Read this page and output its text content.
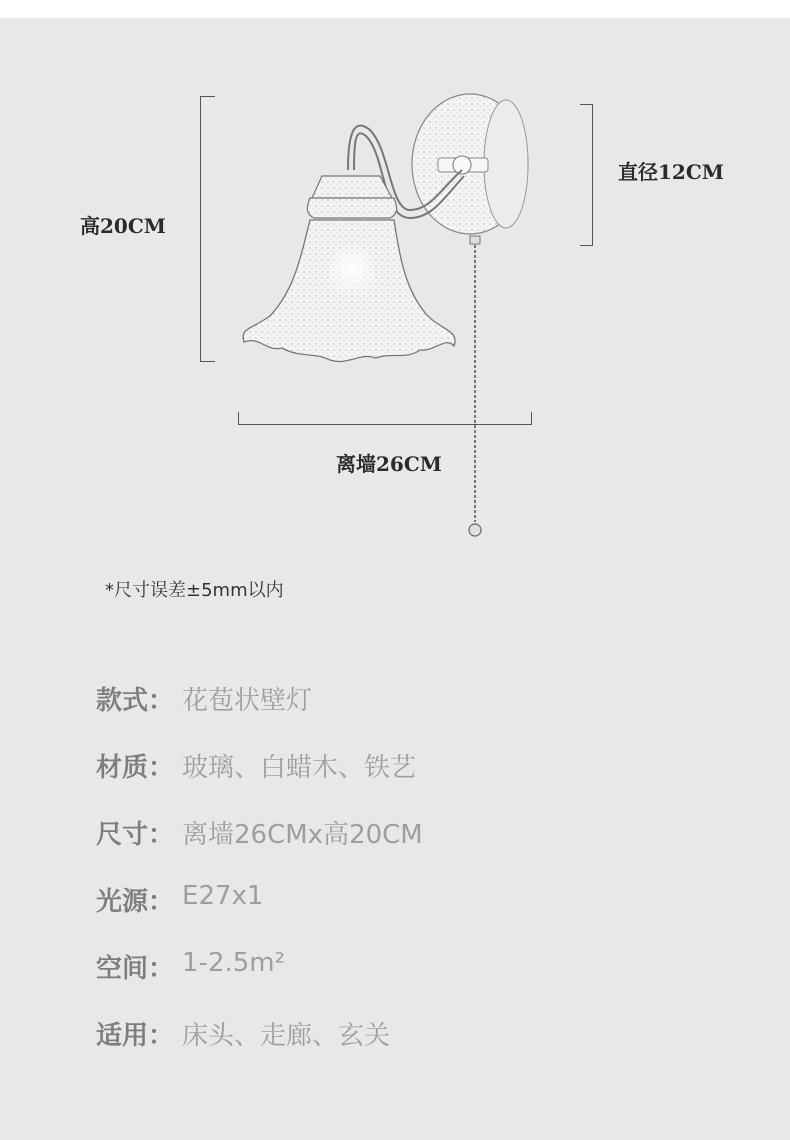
高20CM
直径12CM
离墙26CM
*尺寸误差±5mm以内
款式： 花苞状壁灯
材质： 玻璃、白蜡木、铁艺
尺寸： 离墙26CMx高20CM
光源： E27x1
空间： 1-2.5m²
适用： 床头、走廊、玄关
